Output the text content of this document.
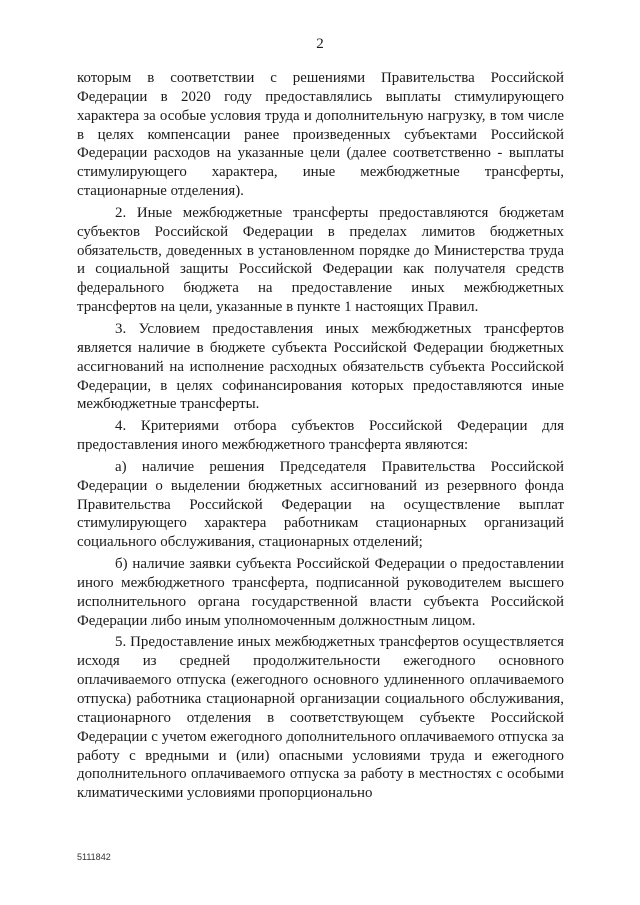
2

которым в соответствии с решениями Правительства Российской Федерации в 2020 году предоставлялись выплаты стимулирующего характера за особые условия труда и дополнительную нагрузку, в том числе в целях компенсации ранее произведенных субъектами Российской Федерации расходов на указанные цели (далее соответственно - выплаты стимулирующего характера, иные межбюджетные трансферты, стационарные отделения).

2. Иные межбюджетные трансферты предоставляются бюджетам субъектов Российской Федерации в пределах лимитов бюджетных обязательств, доведенных в установленном порядке до Министерства труда и социальной защиты Российской Федерации как получателя средств федерального бюджета на предоставление иных межбюджетных трансфертов на цели, указанные в пункте 1 настоящих Правил.

3. Условием предоставления иных межбюджетных трансфертов является наличие в бюджете субъекта Российской Федерации бюджетных ассигнований на исполнение расходных обязательств субъекта Российской Федерации, в целях софинансирования которых предоставляются иные межбюджетные трансферты.

4. Критериями отбора субъектов Российской Федерации для предоставления иного межбюджетного трансферта являются:

а) наличие решения Председателя Правительства Российской Федерации о выделении бюджетных ассигнований из резервного фонда Правительства Российской Федерации на осуществление выплат стимулирующего характера работникам стационарных организаций социального обслуживания, стационарных отделений;

б) наличие заявки субъекта Российской Федерации о предоставлении иного межбюджетного трансферта, подписанной руководителем высшего исполнительного органа государственной власти субъекта Российской Федерации либо иным уполномоченным должностным лицом.

5. Предоставление иных межбюджетных трансфертов осуществляется исходя из средней продолжительности ежегодного основного оплачиваемого отпуска (ежегодного основного удлиненного оплачиваемого отпуска) работника стационарной организации социального обслуживания, стационарного отделения в соответствующем субъекте Российской Федерации с учетом ежегодного дополнительного оплачиваемого отпуска за работу с вредными и (или) опасными условиями труда и ежегодного дополнительного оплачиваемого отпуска за работу в местностях с особыми климатическими условиями пропорционально

5111842
